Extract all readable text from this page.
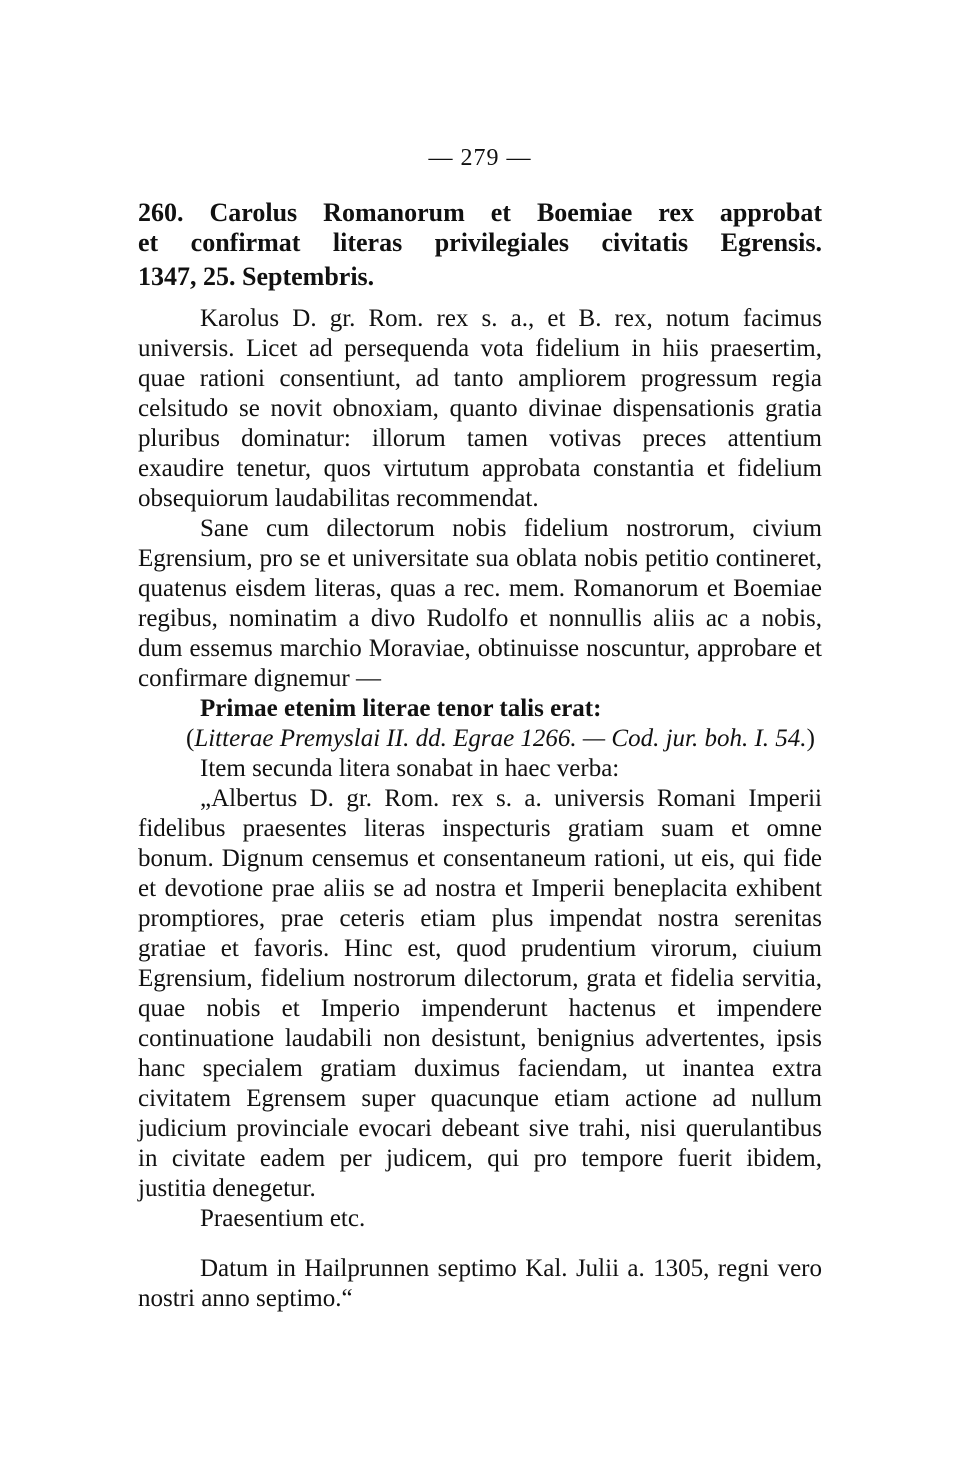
— 279 —
260. Carolus Romanorum et Boemiae rex approbat
et confirmat literas privilegiales civitatis Egrensis.
1347, 25. Septembris.

Karolus D. gr. Rom. rex s. a., et B. rex, notum facimus universis. Licet ad persequenda vota fidelium in hiis praesertim, quae rationi consentiunt, ad tanto ampliorem progressum regia celsitudo se novit obnoxiam, quanto divinae dispensationis gratia pluribus dominatur: illorum tamen votivas preces attentium exaudire tenetur, quos virtutum approbata constantia et fidelium obsequiorum laudabilitas recommendat.

Sane cum dilectorum nobis fidelium nostrorum, civium Egrensium, pro se et universitate sua oblata nobis petitio contineret, quatenus eisdem literas, quas a rec. mem. Romanorum et Boemiae regibus, nominatim a divo Rudolfo et nonnullis aliis ac a nobis, dum essemus marchio Moraviae, obtinuisse noscuntur, approbare et confirmare dignemur —

Primae etenim literae tenor talis erat:

(Litterae Premyslai II. dd. Egrae 1266. — Cod. jur. boh. I. 54.)

Item secunda litera sonabat in haec verba:

„Albertus D. gr. Rom. rex s. a. universis Romani Imperii fidelibus praesentes literas inspecturis gratiam suam et omne bonum. Dignum censemus et consentaneum rationi, ut eis, qui fide et devotione prae aliis se ad nostra et Imperii beneplacita exhibent promptiores, prae ceteris etiam plus impendat nostra serenitas gratiae et favoris. Hinc est, quod prudentium virorum, ciuium Egrensium, fidelium nostrorum dilectorum, grata et fidelia servitia, quae nobis et Imperio impenderunt hactenus et impendere continuatione laudabili non desistunt, benignius advertentes, ipsis hanc specialem gratiam duximus faciendam, ut inantea extra civitatem Egrensem super quacunque etiam actione ad nullum judicium provinciale evocari debeant sive trahi, nisi querulantibus in civitate eadem per judicem, qui pro tempore fuerit ibidem, justitia denegetur.

Praesentium etc.

Datum in Hailprunnen septimo Kal. Julii a. 1305, regni vero nostri anno septimo.“
